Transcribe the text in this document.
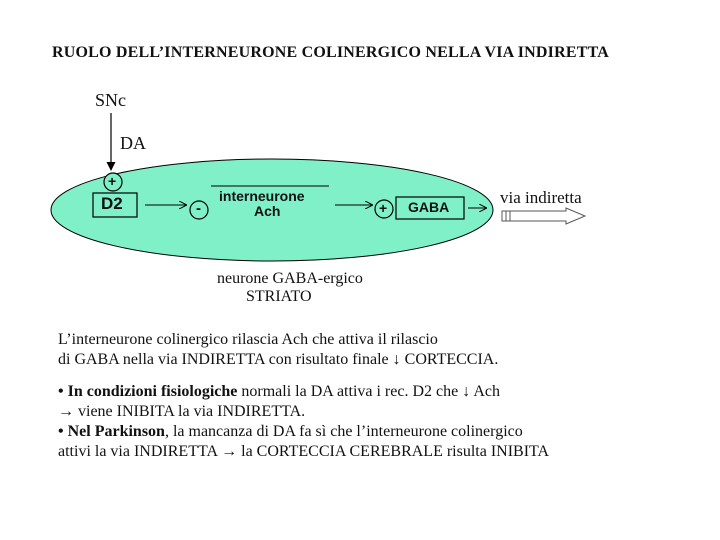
RUOLO DELL’INTERNEURONE COLINERGICO NELLA VIA INDIRETTA
SNc
DA
+
D2	-
interneurone
Ach	+ GABA	via indiretta
neurone GABA-ergico
STRIATO

L’interneurone colinergico rilascia Ach che attiva il rilascio

di GABA nella via INDIRETTA con risultato finale ↓ CORTECCIA.

• In condizioni fisiologiche normali la DA attiva i rec. D2 che ↓ Ach

→ viene INIBITA la via INDIRETTA.

• Nel Parkinson, la mancanza di DA fa sì che l’interneurone colinergico

attivi la via INDIRETTA → la CORTECCIA CEREBRALE risulta INIBITA
